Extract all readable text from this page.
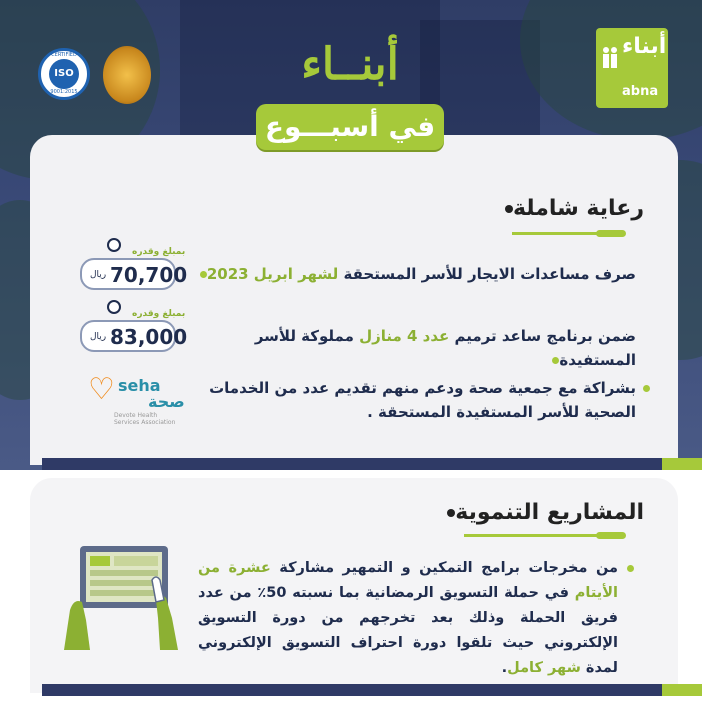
CERTIFIED
ISO
9001:2015
أبنــاء
في أسبـــوع
أبناء
abna
رعاية شاملة
صرف مساعدات الايجار للأسر المستحقة لشهر ابريل 2023
ضمن برنامج ساعد ترميم عدد 4 منازل مملوكة للأسر المستفيدة
بشراكة مع جمعية صحة ودعم منهم تقديم عدد من الخدمات الصحية للأسر المستفيدة المستحقة .
بمبلغ وقدره
ريال 70,700
بمبلغ وقدره
ريال 83,000
♡ seha
صحة
Devote Health Services Association
المشاريع التنموية
من مخرجات برامج التمكين و التمهير مشاركة عشرة من الأيتام في حملة التسويق الرمضانية بما نسبته 50٪ من عدد فريق الحملة وذلك بعد تخرجهم من دورة التسويق الإلكتروني حيث تلقوا دورة احتراف التسويق الإلكتروني لمدة شهر كامل.
